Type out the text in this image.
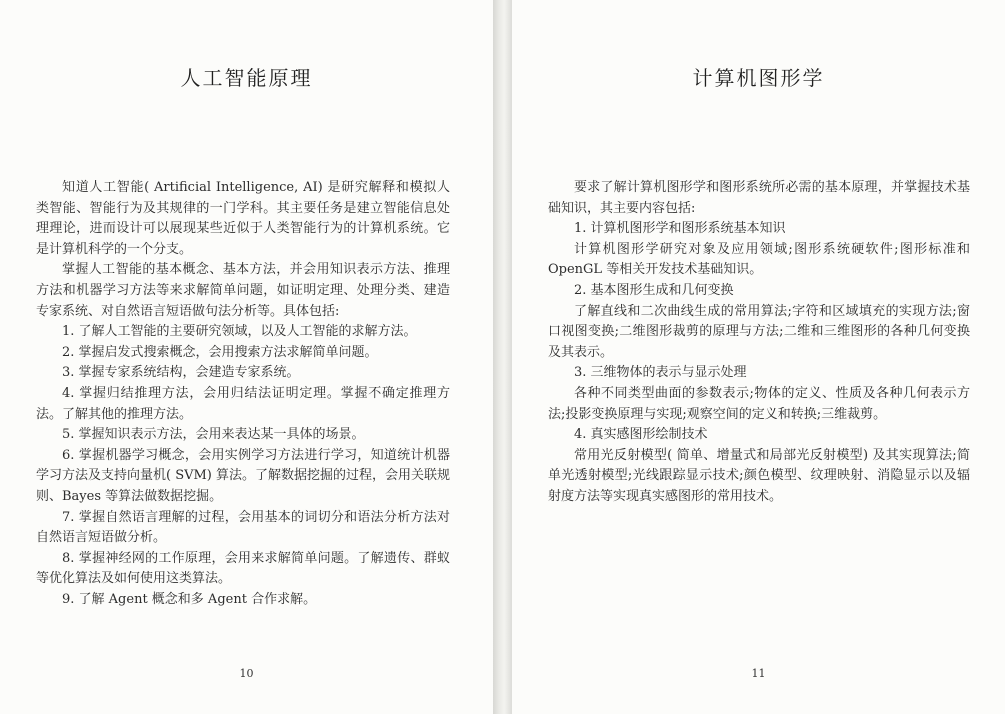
人工智能原理

知道人工智能( Artificial Intelligence, AI) 是研究解释和模拟人类智能、智能行为及其规律的一门学科。其主要任务是建立智能信息处理理论，进而设计可以展现某些近似于人类智能行为的计算机系统。它是计算机科学的一个分支。

掌握人工智能的基本概念、基本方法，并会用知识表示方法、推理方法和机器学习方法等来求解简单问题，如证明定理、处理分类、建造专家系统、对自然语言短语做句法分析等。具体包括:

1. 了解人工智能的主要研究领域，以及人工智能的求解方法。

2. 掌握启发式搜索概念，会用搜索方法求解简单问题。

3. 掌握专家系统结构，会建造专家系统。

4. 掌握归结推理方法，会用归结法证明定理。掌握不确定推理方法。了解其他的推理方法。

5. 掌握知识表示方法，会用来表达某一具体的场景。

6. 掌握机器学习概念，会用实例学习方法进行学习，知道统计机器学习方法及支持向量机( SVM) 算法。了解数据挖掘的过程，会用关联规则、Bayes 等算法做数据挖掘。

7. 掌握自然语言理解的过程，会用基本的词切分和语法分析方法对自然语言短语做分析。

8. 掌握神经网的工作原理，会用来求解简单问题。了解遗传、群蚁等优化算法及如何使用这类算法。

9. 了解 Agent 概念和多 Agent 合作求解。

10
计算机图形学

要求了解计算机图形学和图形系统所必需的基本原理，并掌握技术基础知识，其主要内容包括:

1. 计算机图形学和图形系统基本知识

计算机图形学研究对象及应用领域;图形系统硬软件;图形标准和 OpenGL 等相关开发技术基础知识。

2. 基本图形生成和几何变换

了解直线和二次曲线生成的常用算法;字符和区域填充的实现方法;窗口视图变换;二维图形裁剪的原理与方法;二维和三维图形的各种几何变换及其表示。

3. 三维物体的表示与显示处理

各种不同类型曲面的参数表示;物体的定义、性质及各种几何表示方法;投影变换原理与实现;观察空间的定义和转换;三维裁剪。

4. 真实感图形绘制技术

常用光反射模型( 简单、增量式和局部光反射模型) 及其实现算法;简单光透射模型;光线跟踪显示技术;颜色模型、纹理映射、消隐显示以及辐射度方法等实现真实感图形的常用技术。

11
